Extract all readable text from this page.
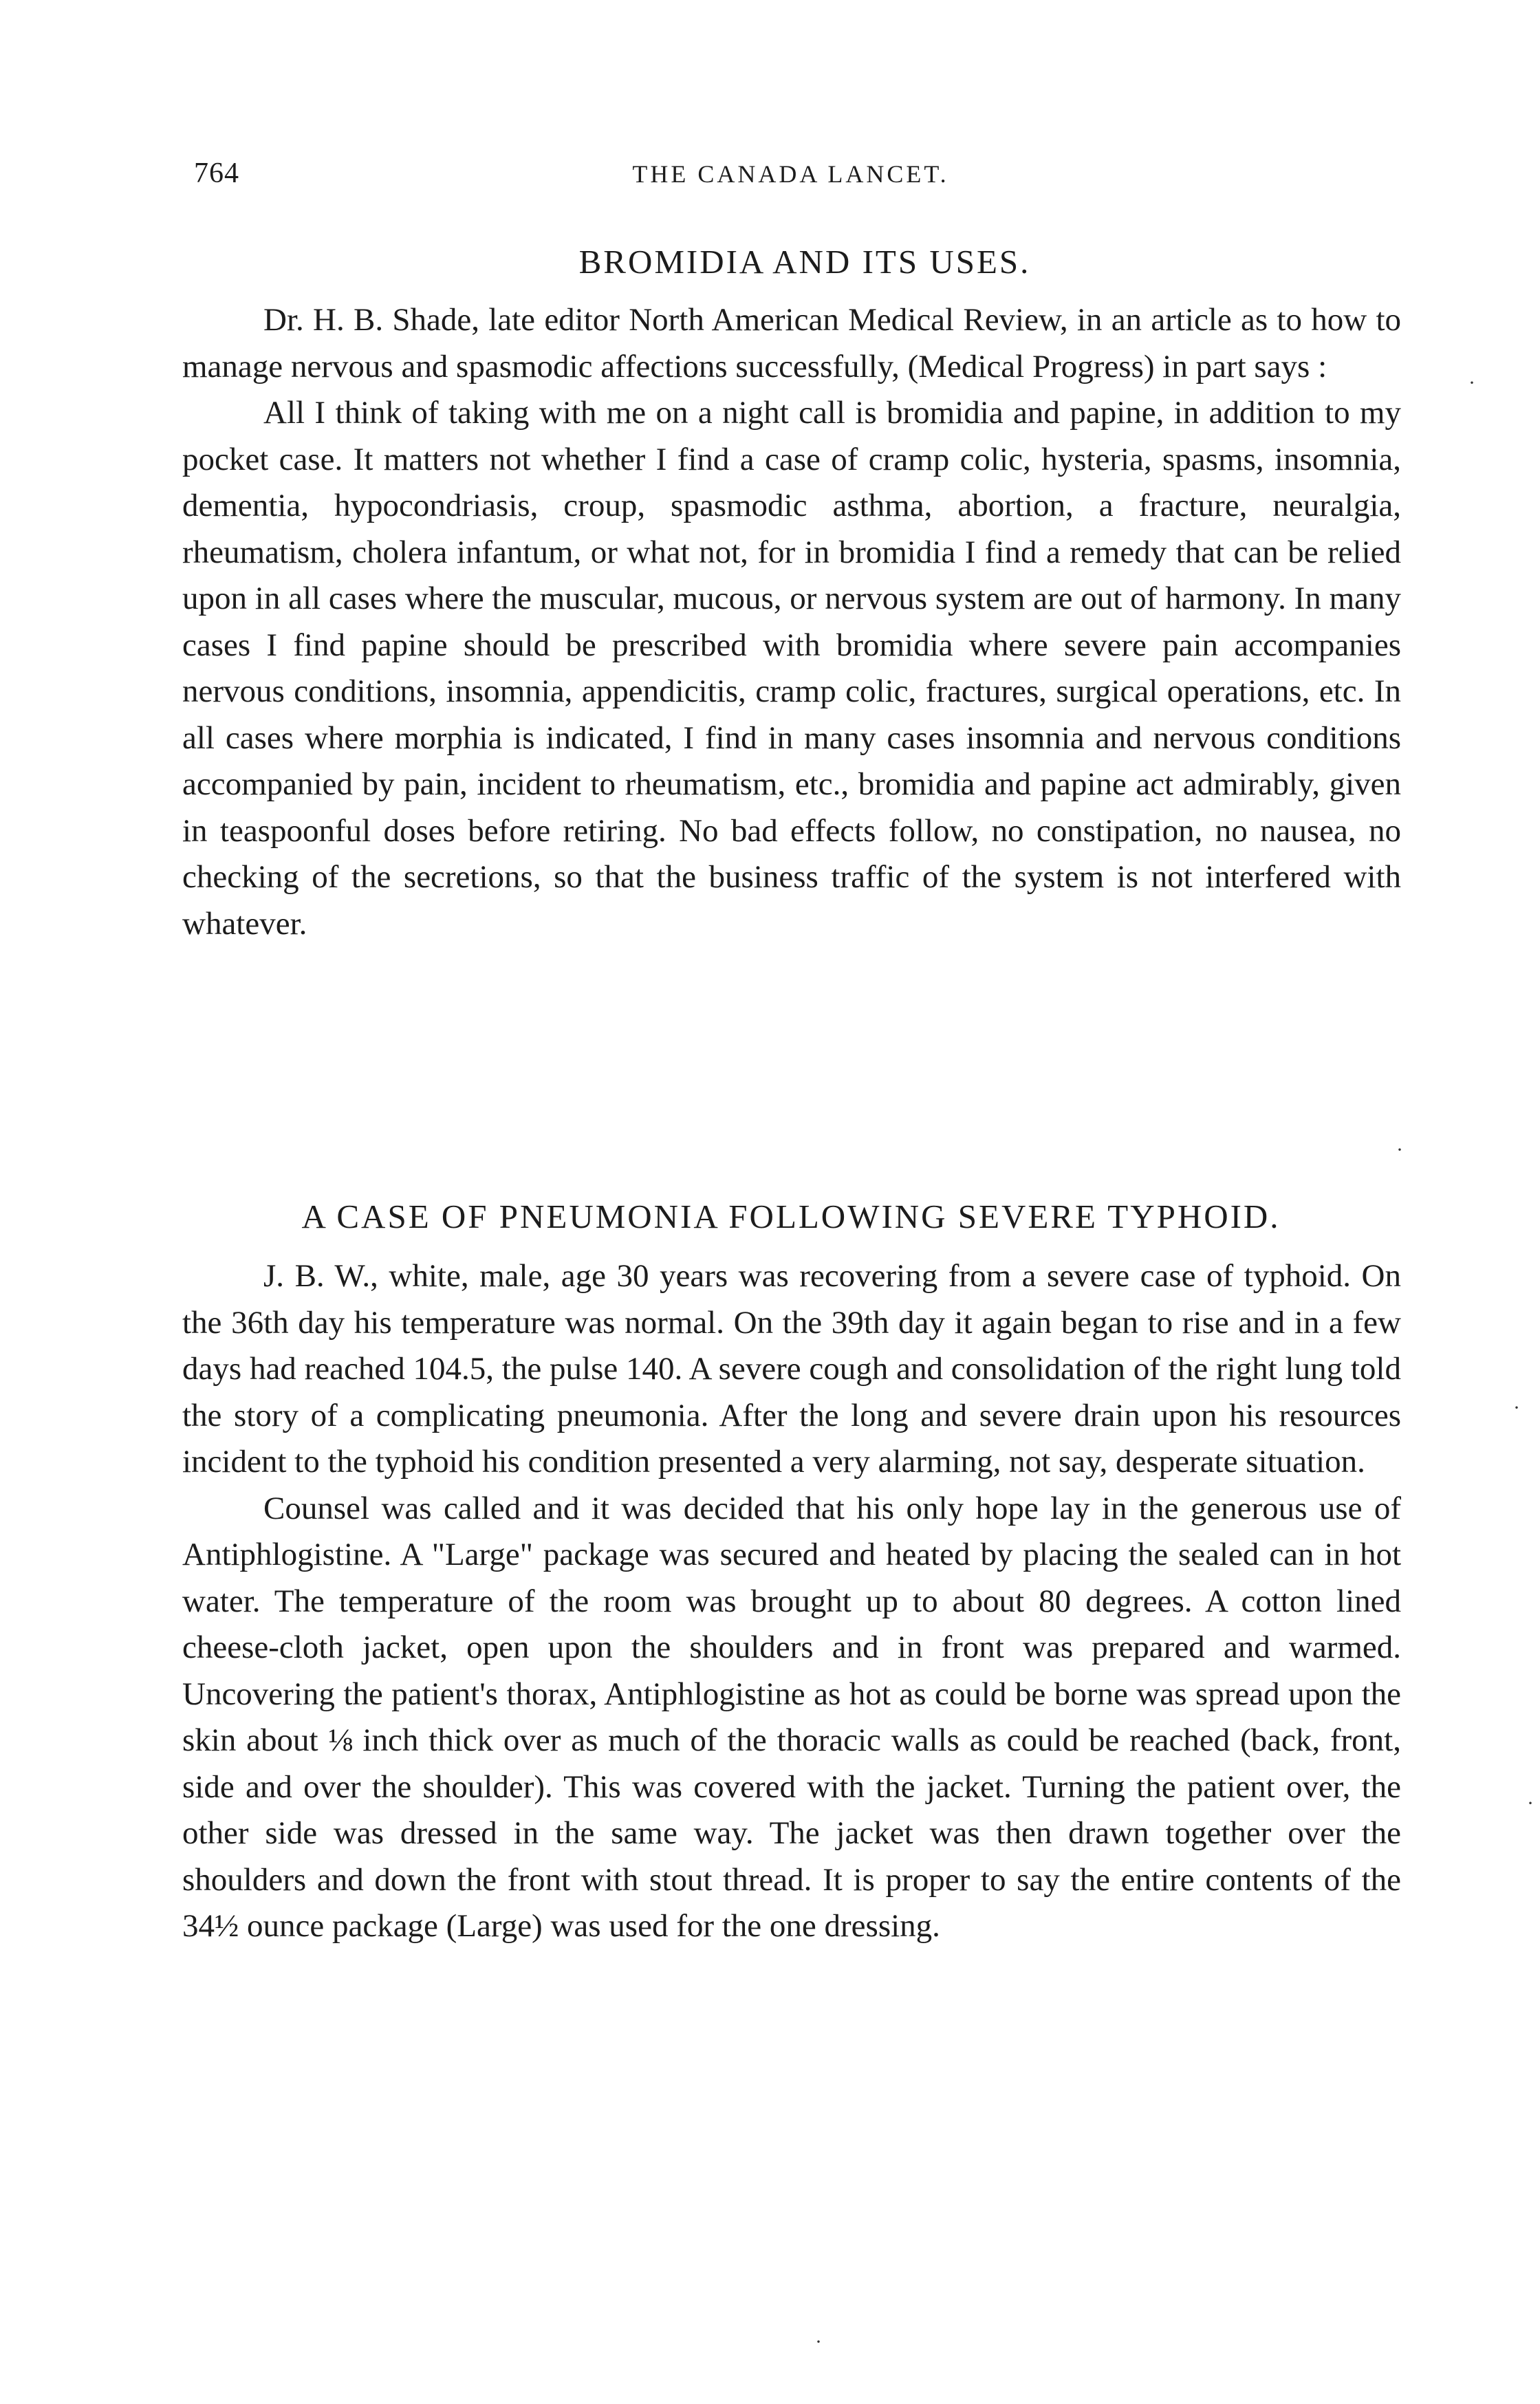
764	THE CANADA LANCET.
BROMIDIA AND ITS USES.

Dr. H. B. Shade, late editor North American Medical Review, in an article as to how to manage nervous and spasmodic affections successfully, (Medical Progress) in part says :

All I think of taking with me on a night call is bromidia and papine, in addition to my pocket case. It matters not whether I find a case of cramp colic, hysteria, spasms, insomnia, dementia, hypocondriasis, croup, spasmodic asthma, abortion, a fracture, neuralgia, rheumatism, cholera infantum, or what not, for in bromidia I find a remedy that can be relied upon in all cases where the muscular, mucous, or nervous system are out of harmony. In many cases I find papine should be prescribed with bromidia where severe pain accompanies nervous conditions, insomnia, appendicitis, cramp colic, fractures, surgical operations, etc. In all cases where morphia is indicated, I find in many cases insomnia and nervous conditions accompanied by pain, incident to rheumatism, etc., bromidia and papine act admirably, given in teaspoonful doses before retiring. No bad effects follow, no constipation, no nausea, no checking of the secretions, so that the business traffic of the system is not interfered with whatever.

A CASE OF PNEUMONIA FOLLOWING SEVERE TYPHOID.

J. B. W., white, male, age 30 years was recovering from a severe case of typhoid. On the 36th day his temperature was normal. On the 39th day it again began to rise and in a few days had reached 104.5, the pulse 140. A severe cough and consolidation of the right lung told the story of a complicating pneumonia. After the long and severe drain upon his resources incident to the typhoid his condition presented a very alarming, not say, desperate situation.

Counsel was called and it was decided that his only hope lay in the generous use of Antiphlogistine. A "Large" package was secured and heated by placing the sealed can in hot water. The temperature of the room was brought up to about 80 degrees. A cotton lined cheese-cloth jacket, open upon the shoulders and in front was prepared and warmed. Uncovering the patient's thorax, Antiphlogistine as hot as could be borne was spread upon the skin about ⅛ inch thick over as much of the thoracic walls as could be reached (back, front, side and over the shoulder). This was covered with the jacket. Turning the patient over, the other side was dressed in the same way. The jacket was then drawn together over the shoulders and down the front with stout thread. It is proper to say the entire contents of the 34½ ounce package (Large) was used for the one dressing.

·
·
·
·
·
